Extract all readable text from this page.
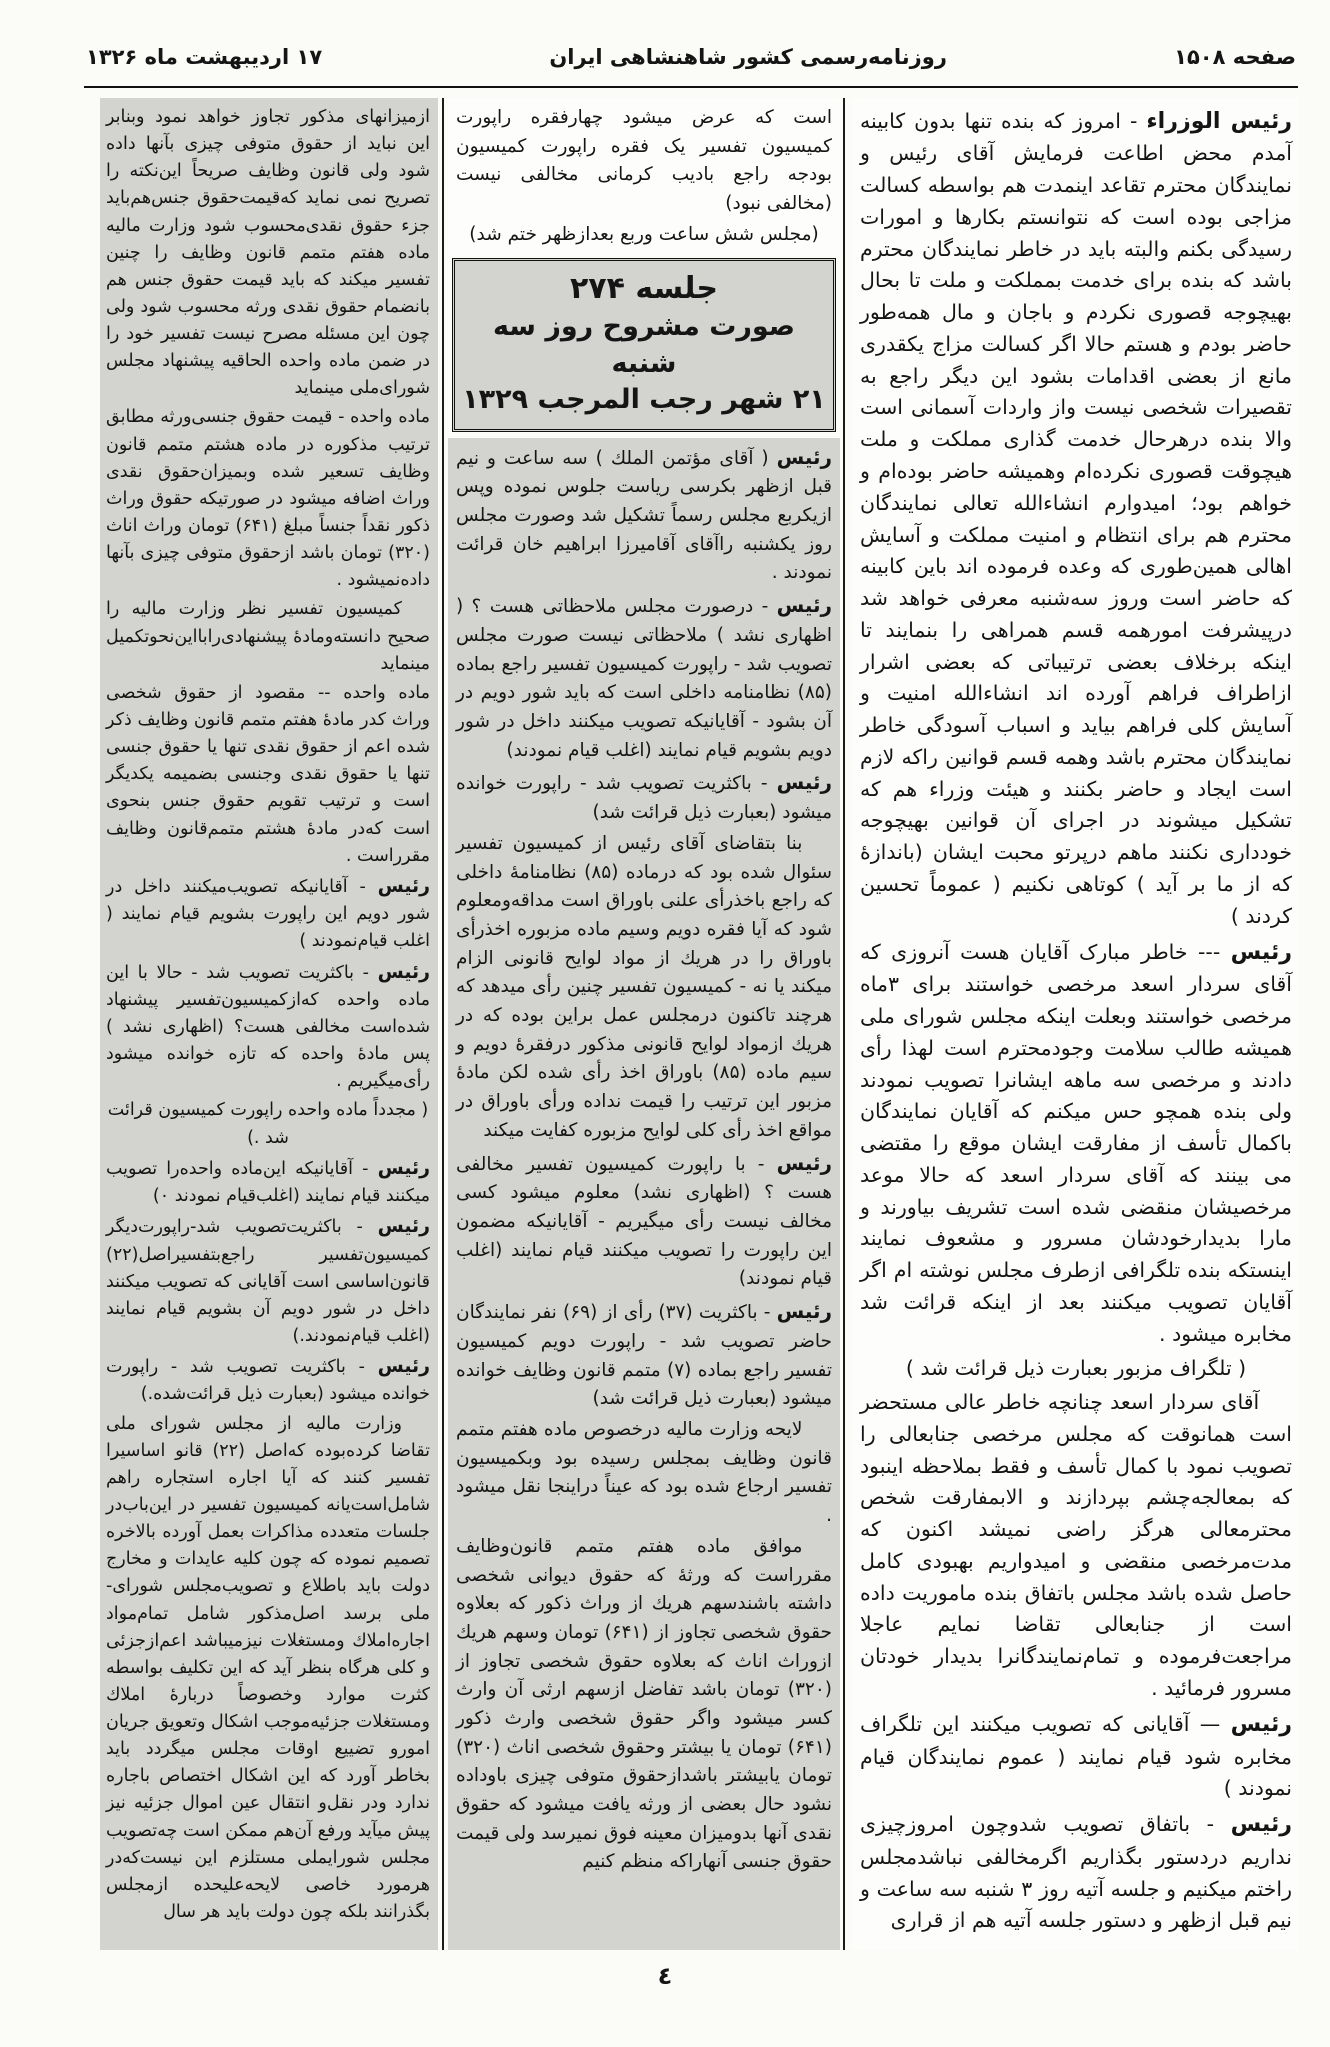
صفحه ۱۵۰۸
روزنامه‌رسمی کشور شاهنشاهی ایران
۱۷ اردیبهشت ماه ۱۳۲۶
رئیس الوزراء - امروز که بنده تنها بدون کابینه آمدم محض اطاعت فرمایش آقای رئیس و نمایندگان محترم تقاعد اینمدت هم بواسطه کسالت مزاجی بوده است که نتوانستم بکارها و امورات رسیدگی بکنم والبته باید در خاطر نمایندگان محترم باشد که بنده برای خدمت بمملکت و ملت تا بحال بهیچوجه قصوری نکردم و باجان و مال همه‌طور حاضر بودم و هستم حالا اگر کسالت مزاج یکقدری مانع از بعضی اقدامات بشود این دیگر راجع به تقصیرات شخصی نیست واز واردات آسمانی است والا بنده درهرحال خدمت گذاری مملکت و ملت هیچوقت قصوری نکرده‌ام وهمیشه حاضر بوده‌ام و خواهم بود؛ امیدوارم انشاءالله تعالی نمایندگان محترم هم برای انتظام و امنیت مملکت و آسایش اهالی همین‌طوری که وعده فرموده اند باین کابینه که حاضر است وروز سه‌شنبه معرفی خواهد شد درپیشرفت امورهمه قسم همراهی را بنمایند تا اینکه برخلاف بعضی ترتیباتی که بعضی اشرار ازاطراف فراهم آورده اند انشاءالله امنیت و آسایش کلی فراهم بیاید و اسباب آسودگی خاطر نمایندگان محترم باشد وهمه قسم قوانین راکه لازم است ایجاد و حاضر بکنند و هیئت وزراء هم که تشکیل میشوند در اجرای آن قوانین بهیچوجه خودداری نکنند ماهم درپرتو محبت ایشان (باندازهٔ که از ما بر آید ) کوتاهی نکنیم ( عموماً تحسین کردند )
رئیس --- خاطر مبارک آقایان هست آنروزی که آقای سردار اسعد مرخصی خواستند برای ۳ماه مرخصی خواستند وبعلت اینکه مجلس شورای ملی همیشه طالب سلامت وجودمحترم است لهذا رأی دادند و مرخصی سه ماهه ایشانرا تصویب نمودند ولی بنده همچو حس میکنم که آقایان نمایندگان باکمال تأسف از مفارقت ایشان موقع را مقتضی می بینند که آقای سردار اسعد که حالا موعد مرخصیشان منقضی شده است تشریف بیاورند و مارا بدیدارخودشان مسرور و مشعوف نمایند اینستکه بنده تلگرافی ازطرف مجلس نوشته ام اگر آقایان تصویب میکنند بعد از اینکه قرائت شد مخابره میشود .
( تلگراف مزبور بعبارت ذیل قرائت شد )
آقای سردار اسعد چنانچه خاطر عالی مستحضر است همانوقت که مجلس مرخصی جنابعالی را تصویب نمود با کمال تأسف و فقط بملاحظه اینبود که بمعالجه‌چشم بپردازند و الابمفارقت شخص محترمعالی هرگز راضی نمیشد اکنون که مدت‌مرخصی منقضی و امیدواریم بهبودی کامل حاصل شده باشد مجلس باتفاق بنده ماموریت داده است از جنابعالی تقاضا نمایم عاجلا مراجعت‌فرموده و تمام‌نمایندگانرا بدیدار خودتان مسرور فرمائید .
رئیس — آقایانی که تصویب میکنند این تلگراف مخابره شود قیام نمایند ( عموم نمایندگان قیام نمودند )
رئیس - باتفاق تصویب شدوچون امروزچیزی نداریم دردستور بگذاریم اگرمخالفی نباشدمجلس راختم میکنیم و جلسه آتیه روز ۳ شنبه سه ساعت و نیم قبل ازظهر و دستور جلسه آتیه هم از قراری
است که عرض میشود چهارفقره راپورت کمیسیون تفسیر یک فقره راپورت کمیسیون بودجه راجع بادیب کرمانی مخالفی نیست (مخالفی نبود)
(مجلس شش ساعت وربع بعدازظهر ختم شد)
جلسه ۲۷۴
صورت مشروح روز سه شنبه
۲۱ شهر رجب المرجب ۱۳۲۹
رئیس ( آقای مؤتمن الملك ) سه ساعت و نیم قبل ازظهر بکرسی ریاست جلوس نموده وپس ازیکربع مجلس رسماً تشکیل شد وصورت مجلس روز یکشنبه راآقای آقامیرزا ابراهیم خان قرائت نمودند .
رئیس - درصورت مجلس ملاحظاتی هست ؟ ( اظهاری نشد ) ملاحظاتی نیست صورت مجلس تصویب شد - راپورت کمیسیون تفسیر راجع بماده (۸۵) نظامنامه داخلی است که باید شور دویم در آن بشود - آقایانیکه تصویب میکنند داخل در شور دویم بشویم قیام نمایند (اغلب قیام نمودند)
رئیس - باکثریت تصویب شد - راپورت خوانده میشود (بعبارت ذیل قرائت شد)
بنا بتقاضای آقای رئیس از کمیسیون تفسیر سئوال شده بود که درماده (۸۵) نظامنامهٔ داخلی که راجع باخذرأی علنی باوراق است مداقه‌ومعلوم شود که آیا فقره دویم وسیم ماده مزبوره اخذرأی باوراق را در هریك از مواد لوایح قانونی الزام میکند یا نه - کمیسیون تفسیر چنین رأی میدهد که هرچند تاکنون درمجلس عمل براین بوده که در هریك ازمواد لوایح قانونی مذکور درفقرهٔ دویم و سیم ماده (۸۵) باوراق اخذ رأی شده لکن مادهٔ مزبور این ترتیب را قیمت نداده ورأی باوراق در مواقع اخذ رأی کلی لوایح مزبوره کفایت میکند
رئیس - با راپورت کمیسیون تفسیر مخالفی هست ؟ (اظهاری نشد) معلوم میشود کسی مخالف نیست رأی میگیریم - آقایانیکه مضمون این راپورت را تصویب میکنند قیام نمایند (اغلب قیام نمودند)
رئیس - باکثریت (۳۷) رأی از (۶۹) نفر نمایندگان حاضر تصویب شد - راپورت دویم کمیسیون تفسیر راجع بماده (۷) متمم قانون وظایف خوانده میشود (بعبارت ذیل قرائت شد)
لایحه وزارت مالیه درخصوص ماده هفتم متمم قانون وظایف بمجلس رسیده بود وبکمیسیون تفسیر ارجاع شده بود که عیناً دراینجا نقل میشود .
موافق ماده هفتم متمم قانون‌وظایف مقرراست که ورثهٔ که حقوق دیوانی شخصی داشته باشندسهم هریك از وراث ذکور که بعلاوه حقوق شخصی تجاوز از (۶۴۱) تومان وسهم هریك ازوراث اناث که بعلاوه حقوق شخصی تجاوز از (۳۲۰) تومان باشد تفاضل ازسهم ارثی آن وارث کسر میشود واگر حقوق شخصی وارث ذکور (۶۴۱) تومان یا بیشتر وحقوق شخصی اناث (۳۲۰) تومان یابیشتر باشدازحقوق متوفی چیزی باوداده نشود حال بعضی از ورثه یافت میشود که حقوق نقدی آنها بدومیزان معینه فوق نمیرسد ولی قیمت حقوق جنسی آنهاراکه منظم کنیم
ازمیزانهای مذکور تجاوز خواهد نمود وبنابر این نباید از حقوق متوفی چیزی بآنها داده شود ولی قانون وظایف صریحاً این‌نکته را تصریح نمی نماید که‌قیمت‌حقوق جنس‌هم‌باید جزء حقوق نقدی‌محسوب شود وزارت مالیه ماده هفتم متمم قانون وظایف را چنین تفسیر میکند که باید قیمت حقوق جنس هم بانضمام حقوق نقدی ورثه محسوب شود ولی چون این مسئله مصرح نیست تفسیر خود را در ضمن ماده واحده الحاقیه پیشنهاد مجلس شورای‌ملی مینماید
ماده واحده - قیمت حقوق جنسی‌ورثه مطابق ترتیب مذکوره در ماده هشتم متمم قانون وظایف تسعیر شده وبمیزان‌حقوق نقدی وراث اضافه میشود در صورتیکه حقوق وراث ذکور نقداً جنساً مبلغ (۶۴۱) تومان وراث اناث (۳۲۰) تومان باشد ازحقوق متوفی چیزی بآنها داده‌نمیشود .
کمیسیون تفسیر نظر وزارت مالیه را صحیح دانسته‌ومادهٔ پیشنهادی‌رابااین‌نحو‌تکمیل مینماید
ماده واحده -- مقصود از حقوق شخصی وراث کدر مادهٔ هفتم متمم قانون وظایف ذکر شده اعم از حقوق نقدی تنها یا حقوق جنسی تنها یا حقوق نقدی وجنسی بضمیمه یکدیگر است و ترتیب تقویم حقوق جنس بنحوی است که‌در مادهٔ هشتم متمم‌قانون وظایف مقرراست .
رئیس - آقایانیکه تصویب‌میکنند داخل در شور دویم این راپورت بشویم قیام نمایند ( اغلب قیام‌نمودند )
رئیس - باکثریت تصویب شد - حالا با این ماده واحده که‌ازکمیسیون‌تفسیر پیشنهاد شده‌است مخالفی هست؟ (اظهاری نشد ) پس مادهٔ واحده که تازه خوانده میشود رأی‌میگیریم .
( مجدداً ماده واحده راپورت کمیسیون قرائت شد .)
رئیس - آقایانیکه این‌ماده واحده‌را تصویب میکنند قیام نمایند (اغلب‌قیام نمودند ۰)
رئیس - باکثریت‌تصویب شد-راپورت‌دیگر کمیسیون‌تفسیر راجع‌بتفسیراصل(۲۲) قانون‌اساسی است آقایانی که تصویب میکنند داخل در شور دویم آن بشویم قیام نمایند (اغلب قیام‌نمودند.)
رئیس - باکثریت تصویب شد - راپورت خوانده میشود (بعبارت ذیل قرائت‌شده.)
وزارت مالیه از مجلس شورای ملی تقاضا کرده‌بوده که‌اصل (۲۲) قانو اساسیرا تفسیر کنند که آیا اجاره استجاره راهم شامل‌است‌یانه کمیسیون تفسیر در این‌باب‌در جلسات متعدده مذاکرات بعمل آورده بالاخره تصمیم نموده که چون کلیه عایدات و مخارج دولت باید باطلاع و تصویب‌مجلس شورای- ملی برسد اصل‌مذکور شامل تمام‌مواد اجاره‌املاك ومستغلات نیزمیباشد اعم‌ازجزئی و کلی هرگاه بنظر آید که این تکلیف بواسطه کثرت موارد وخصوصاً دربارهٔ املاك ومستغلات جزئیه‌موجب اشکال وتعویق جریان امورو تضییع اوقات مجلس میگردد باید بخاطر آورد که این اشکال اختصاص باجاره ندارد ودر نقل‌و انتقال عین اموال جزئیه نیز پیش میآید ورفع آن‌هم ممکن است چه‌تصویب مجلس شورایملی مستلزم این نیست‌که‌در هرمورد خاصی لایحه‌علیحده ازمجلس بگذرانند بلکه چون دولت باید هر سال
٤
